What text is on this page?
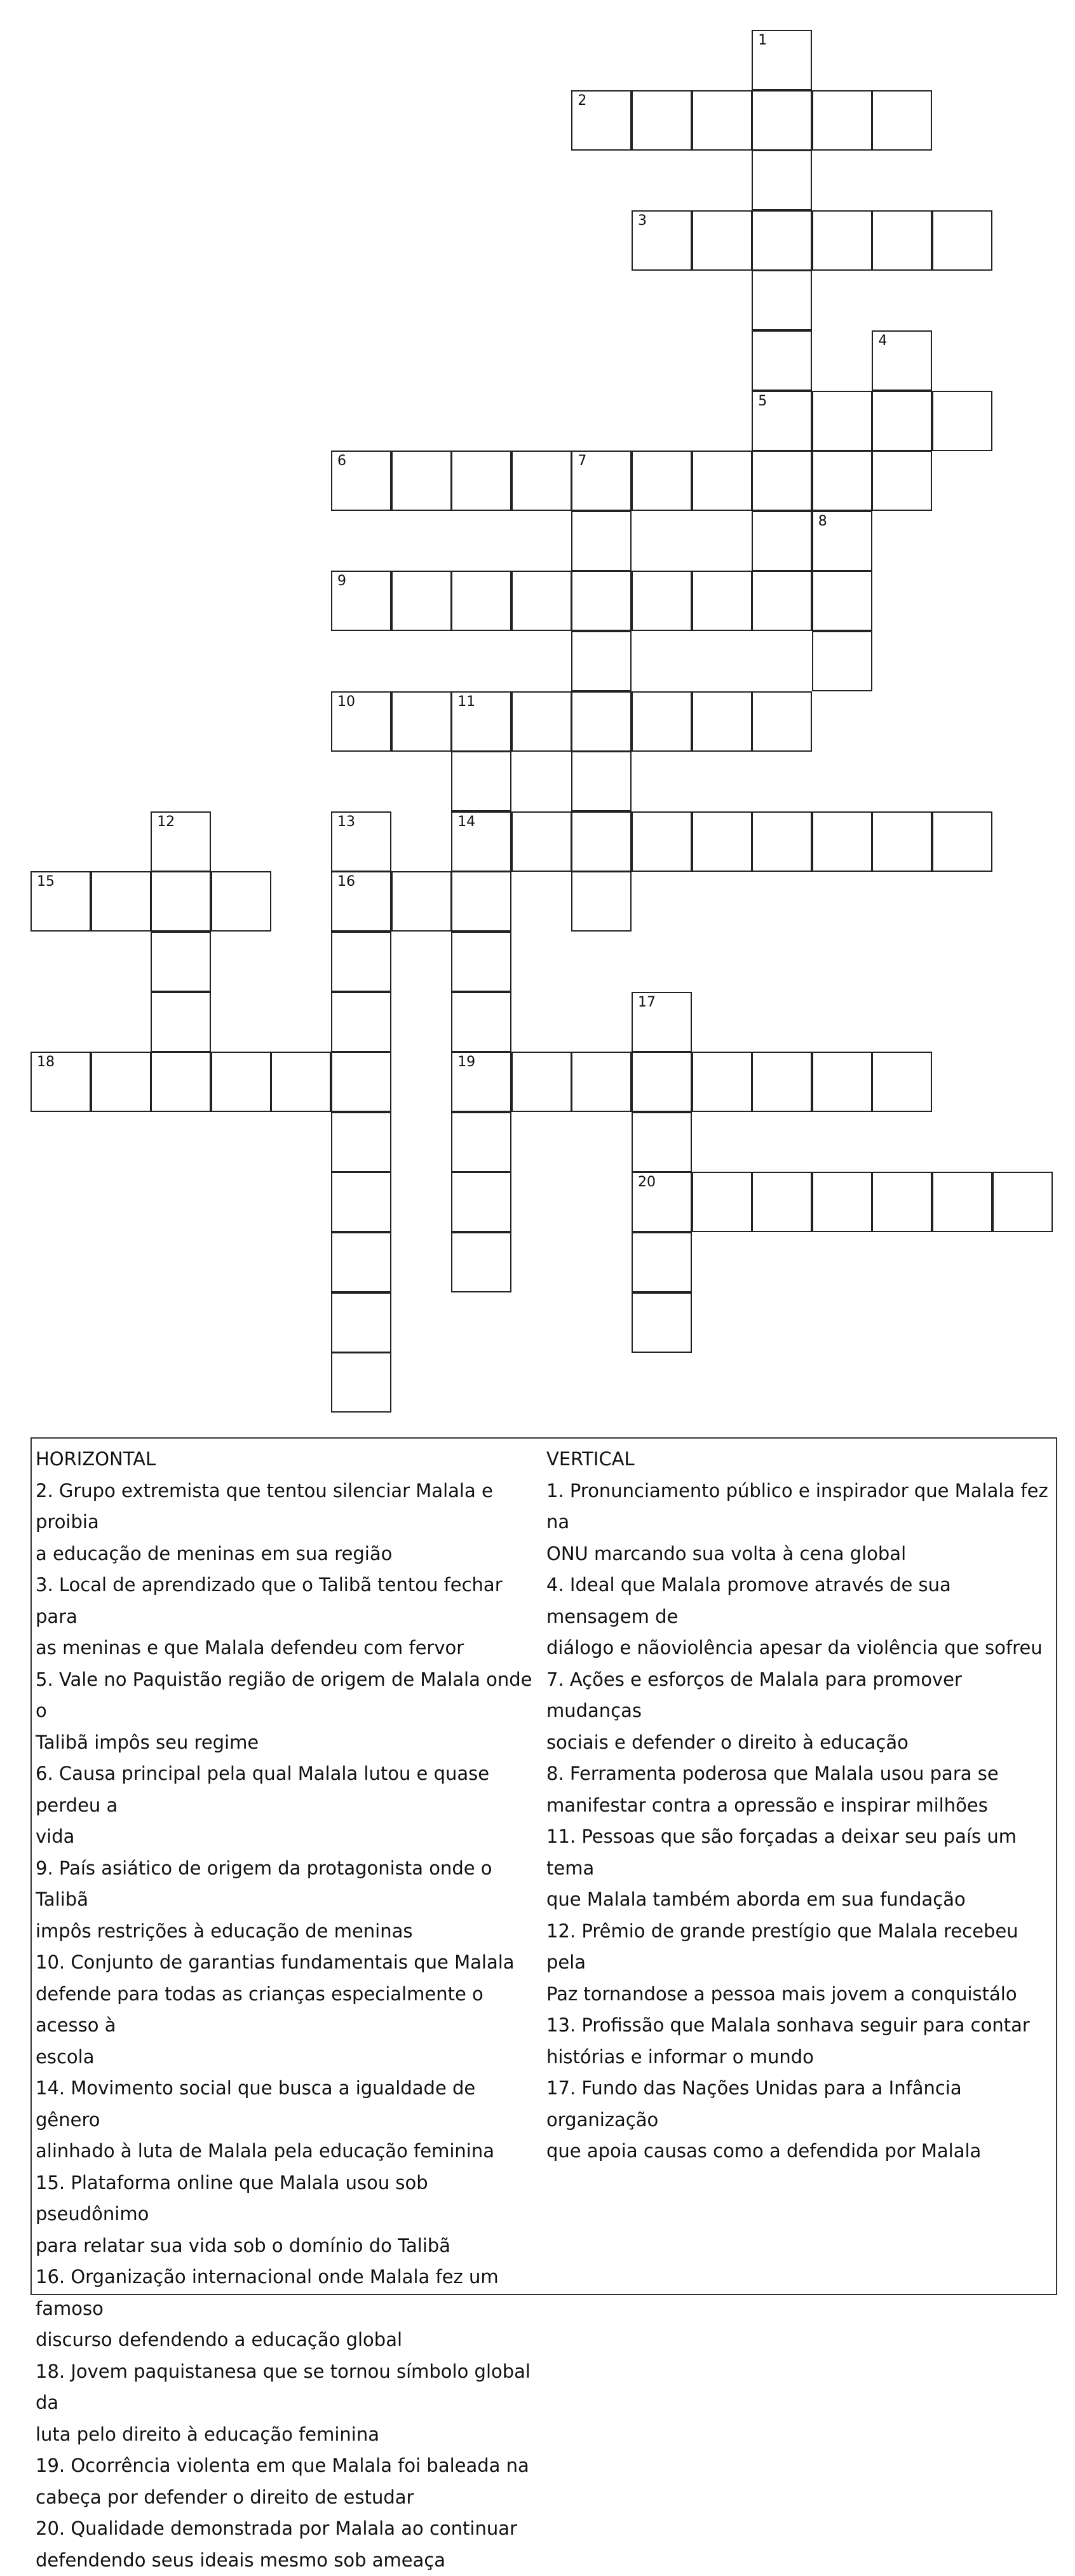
1
5
2
3
4
6	7
8
9
10	11
14
19
12	13
16
15
17
20
18
HORIZONTAL
2. Grupo extremista que tentou silenciar Malala e proibia
a educação de meninas em sua região
3. Local de aprendizado que o Talibã tentou fechar para
as meninas e que Malala defendeu com fervor
5. Vale no Paquistão região de origem de Malala onde o
Talibã impôs seu regime
6. Causa principal pela qual Malala lutou e quase perdeu a
vida
9. País asiático de origem da protagonista onde o Talibã
impôs restrições à educação de meninas
10. Conjunto de garantias fundamentais que Malala
defende para todas as crianças especialmente o acesso à
escola
14. Movimento social que busca a igualdade de gênero
alinhado à luta de Malala pela educação feminina
15. Plataforma online que Malala usou sob pseudônimo
para relatar sua vida sob o domínio do Talibã
16. Organização internacional onde Malala fez um famoso
discurso defendendo a educação global
18. Jovem paquistanesa que se tornou símbolo global da
luta pelo direito à educação feminina
19. Ocorrência violenta em que Malala foi baleada na
cabeça por defender o direito de estudar
20. Qualidade demonstrada por Malala ao continuar
defendendo seus ideais mesmo sob ameaça
VERTICAL
1. Pronunciamento público e inspirador que Malala fez na
ONU marcando sua volta à cena global
4. Ideal que Malala promove através de sua mensagem de
diálogo e nãoviolência apesar da violência que sofreu
7. Ações e esforços de Malala para promover mudanças
sociais e defender o direito à educação
8. Ferramenta poderosa que Malala usou para se
manifestar contra a opressão e inspirar milhões
11. Pessoas que são forçadas a deixar seu país um tema
que Malala também aborda em sua fundação
12. Prêmio de grande prestígio que Malala recebeu pela
Paz tornandose a pessoa mais jovem a conquistálo
13. Profissão que Malala sonhava seguir para contar
histórias e informar o mundo
17. Fundo das Nações Unidas para a Infância organização
que apoia causas como a defendida por Malala
